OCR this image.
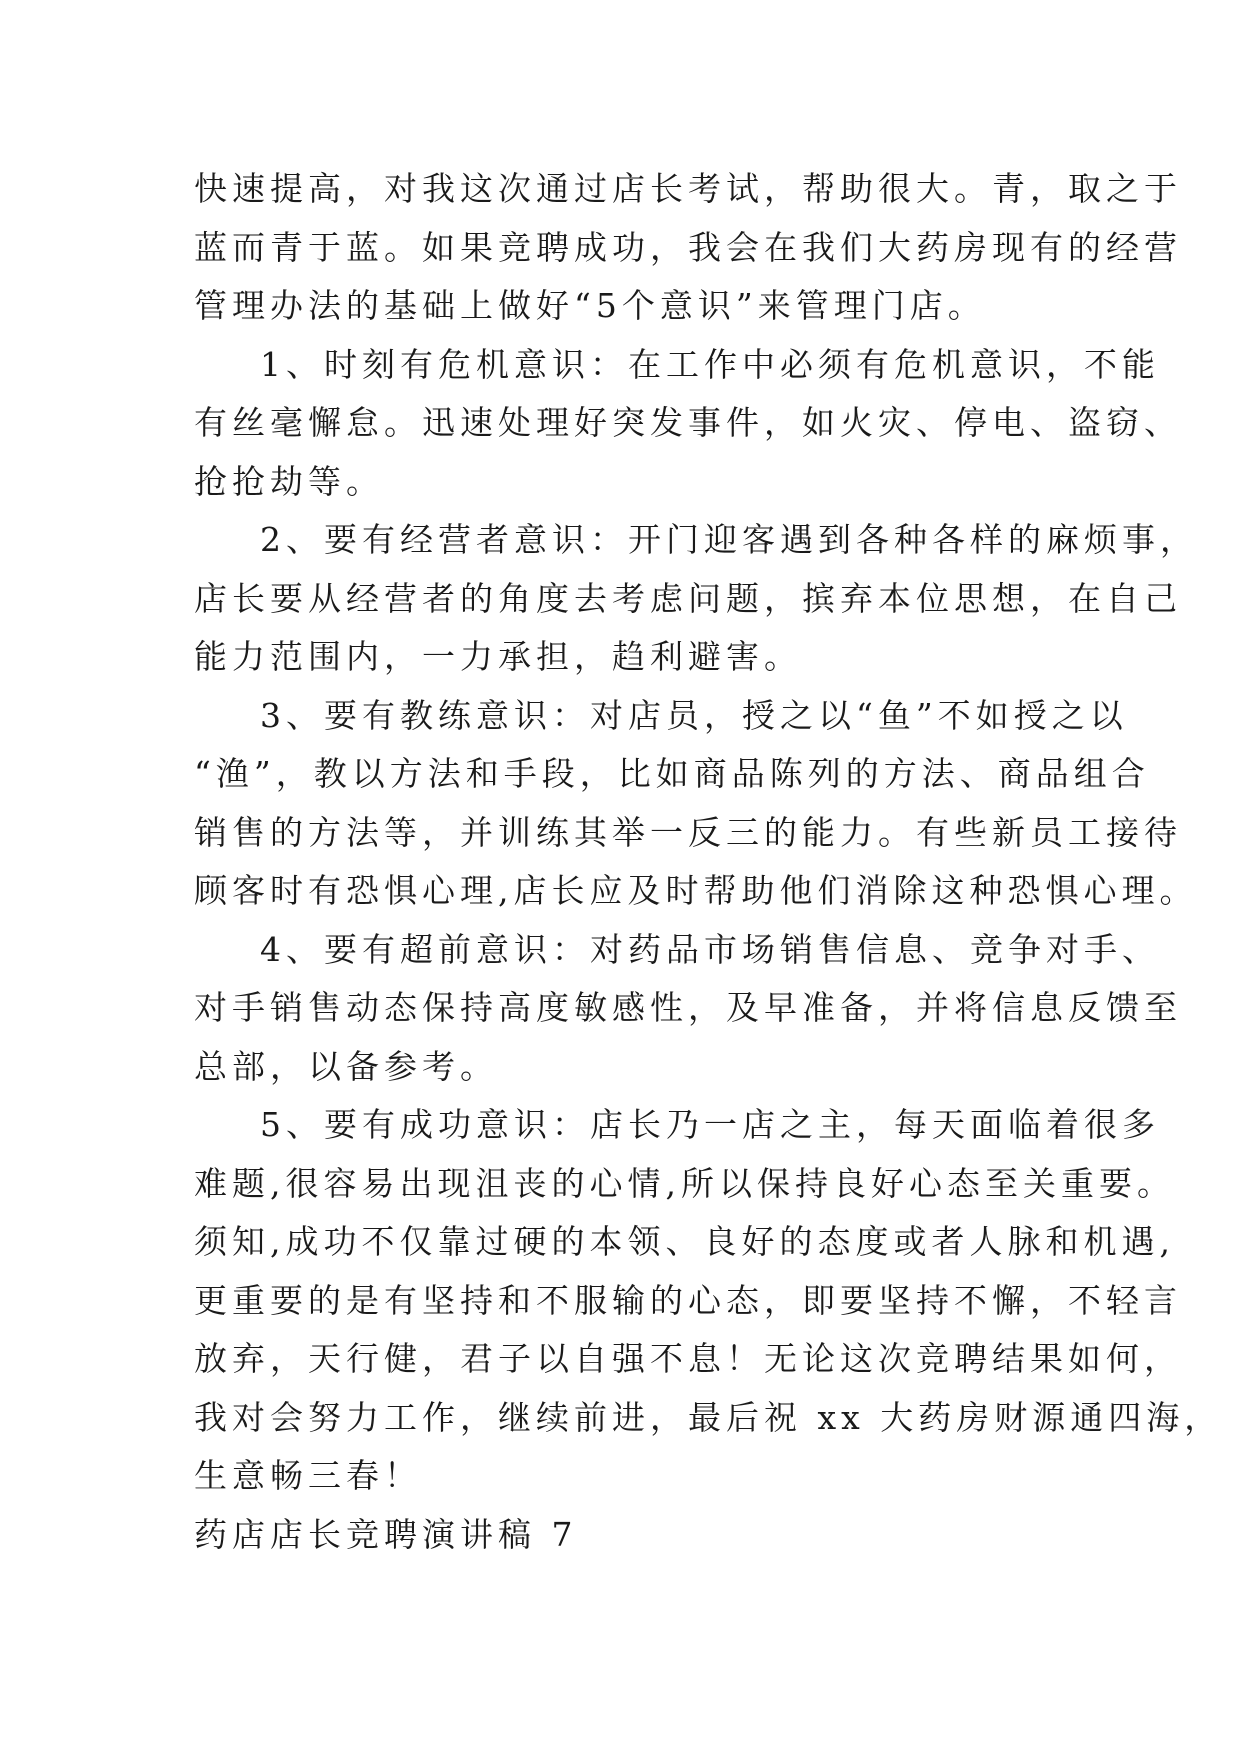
快速提高，对我这次通过店长考试，帮助很大。青，取之于
蓝而青于蓝。如果竞聘成功，我会在我们大药房现有的经营
管理办法的基础上做好“5个意识”来管理门店。
1、时刻有危机意识：在工作中必须有危机意识，不能
有丝毫懈怠。迅速处理好突发事件，如火灾、停电、盗窃、
抢抢劫等。
2、要有经营者意识：开门迎客遇到各种各样的麻烦事，
店长要从经营者的角度去考虑问题，摈弃本位思想，在自己
能力范围内，一力承担，趋利避害。
3、要有教练意识：对店员，授之以“鱼”不如授之以
“渔”，教以方法和手段，比如商品陈列的方法、商品组合
销售的方法等，并训练其举一反三的能力。有些新员工接待
顾客时有恐惧心理,店长应及时帮助他们消除这种恐惧心理。
4、要有超前意识：对药品市场销售信息、竞争对手、
对手销售动态保持高度敏感性，及早准备，并将信息反馈至
总部，以备参考。
5、要有成功意识：店长乃一店之主，每天面临着很多
难题,很容易出现沮丧的心情,所以保持良好心态至关重要。
须知,成功不仅靠过硬的本领、良好的态度或者人脉和机遇,
更重要的是有坚持和不服输的心态，即要坚持不懈，不轻言
放弃，天行健，君子以自强不息！无论这次竞聘结果如何，
我对会努力工作，继续前进，最后祝 xx 大药房财源通四海，
生意畅三春！
药店店长竞聘演讲稿 7
